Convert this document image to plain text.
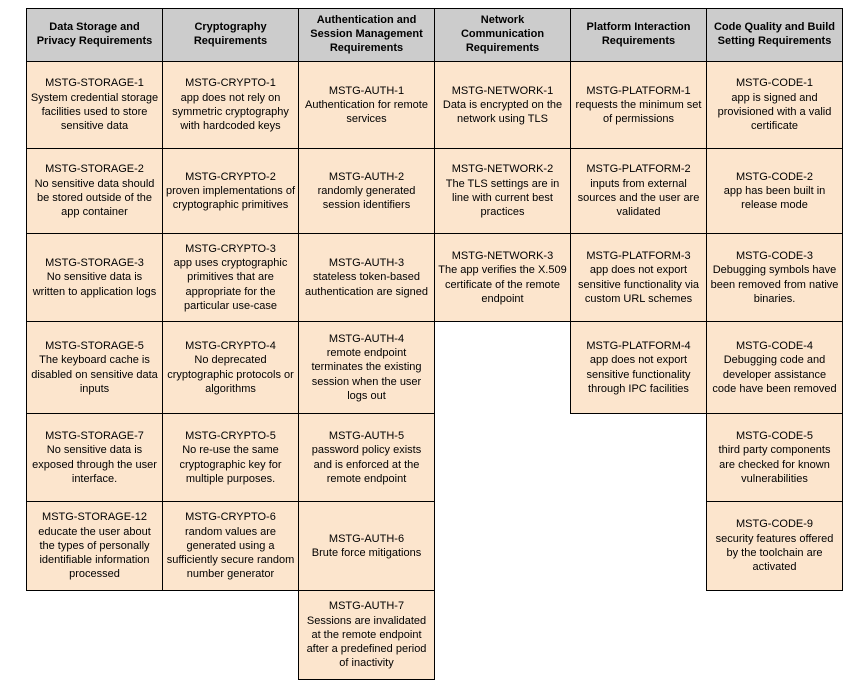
Data Storage and Privacy Requirements
MSTG-STORAGE-1
System credential storage facilities used to store sensitive data
MSTG-STORAGE-2
No sensitive data should be stored outside of the app container
MSTG-STORAGE-3
No sensitive data is written to application logs
MSTG-STORAGE-5
The keyboard cache is disabled on sensitive data inputs
MSTG-STORAGE-7
No sensitive data is exposed through the user interface.
MSTG-STORAGE-12
educate the user about the types of personally identifiable information processed
Cryptography Requirements
MSTG-CRYPTO-1
app does not rely on symmetric cryptography with hardcoded keys
MSTG-CRYPTO-2
proven implementations of cryptographic primitives
MSTG-CRYPTO-3
app uses cryptographic primitives that are appropriate for the particular use-case
MSTG-CRYPTO-4
No deprecated cryptographic protocols or algorithms
MSTG-CRYPTO-5
No re-use the same cryptographic key for multiple purposes.
MSTG-CRYPTO-6
random values are generated using a sufficiently secure random number generator
Authentication and Session Management Requirements
MSTG-AUTH-1
Authentication for remote services
MSTG-AUTH-2
randomly generated session identifiers
MSTG-AUTH-3
stateless token-based authentication are signed
MSTG-AUTH-4
remote endpoint terminates the existing session when the user logs out
MSTG-AUTH-5
password policy exists and is enforced at the remote endpoint
MSTG-AUTH-6
Brute force mitigations
MSTG-AUTH-7
Sessions are invalidated at the remote endpoint after a predefined period of inactivity
Network Communication Requirements
MSTG-NETWORK-1
Data is encrypted on the network using TLS
MSTG-NETWORK-2
The TLS settings are in line with current best practices
MSTG-NETWORK-3
The app verifies the X.509 certificate of the remote endpoint
Platform Interaction Requirements
MSTG-PLATFORM-1
requests the minimum set of permissions
MSTG-PLATFORM-2
inputs from external sources and the user are validated
MSTG-PLATFORM-3
app does not export sensitive functionality via custom URL schemes
MSTG-PLATFORM-4
app does not export sensitive functionality through IPC facilities
Code Quality and Build Setting Requirements
MSTG-CODE-1
app is signed and provisioned with a valid certificate
MSTG-CODE-2
app has been built in release mode
MSTG-CODE-3
Debugging symbols have been removed from native binaries.
MSTG-CODE-4
Debugging code and developer assistance code have been removed
MSTG-CODE-5
third party components are checked for known vulnerabilities
MSTG-CODE-9
security features offered by the toolchain are activated
